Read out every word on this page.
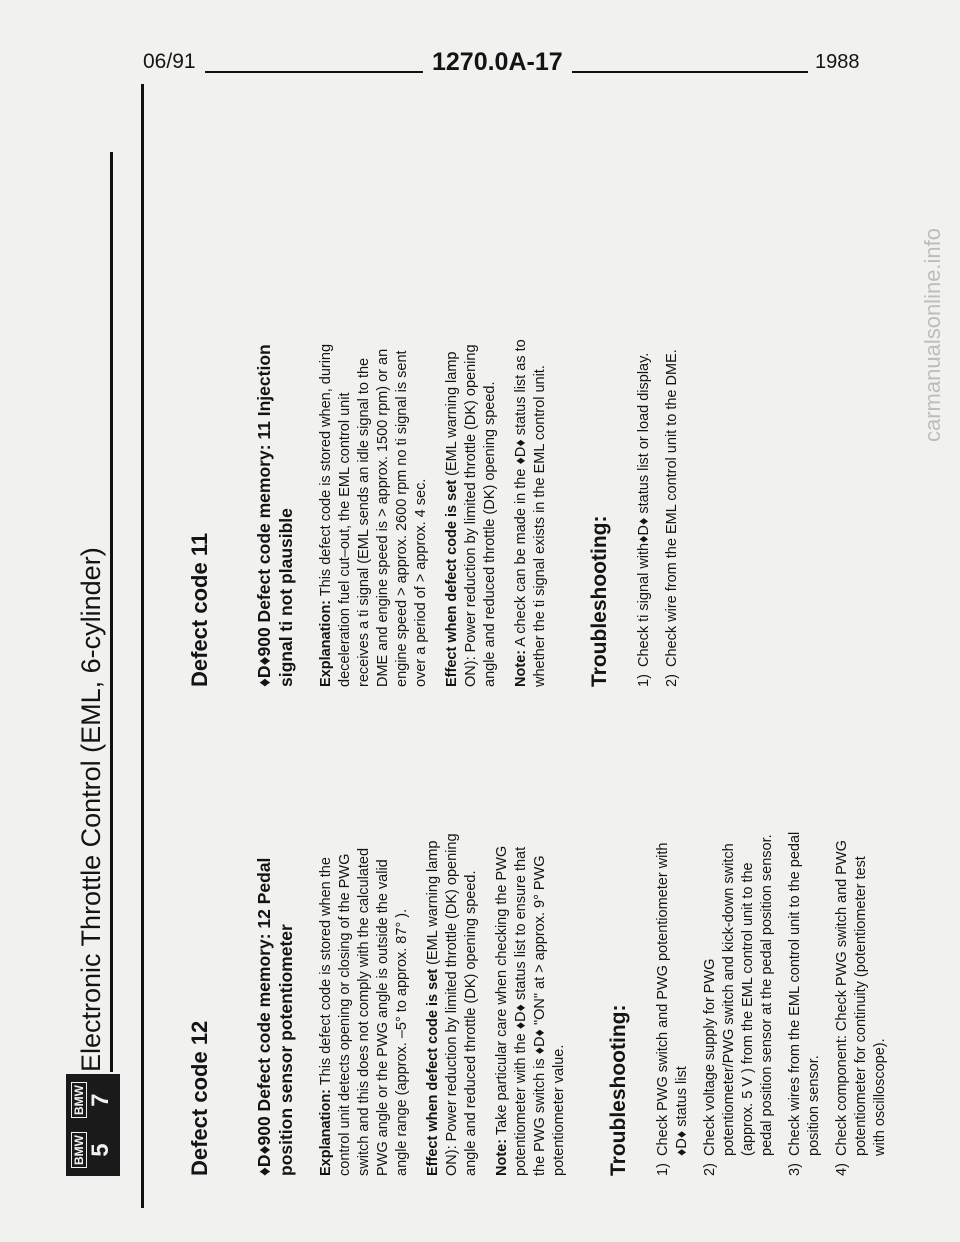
06/91	1270.0A-17	1988
BMW 5
BMW 7
Electronic Throttle Control (EML, 6-cylinder)
Defect code 12 ♦D♦900 Defect code memory: 12 Pedal position sensor potentiometer Explanation: This defect code is stored when the control unit detects opening or closing of the PWG switch and this does not comply with the calculated PWG angle or the PWG angle is outside the valid angle range (approx. –5° to approx. 87° ). Effect when defect code is set (EML warning lamp ON): Power reduction by limited throttle (DK) opening angle and reduced throttle (DK) opening speed. Note: Take particular care when checking the PWG potentiometer with the ♦D♦ status list to ensure that the PWG switch is ♦D♦ "ON" at > approx. 9° PWG potentiometer value. Troubleshooting: 1)
Check PWG switch and PWG potentiometer with ♦D♦ status list
2)
Check voltage supply for PWG potentiometer/PWG switch and kick-down switch (approx. 5 V ) from the EML control unit to the pedal position sensor at the pedal position sensor.
3)
Check wires from the EML control unit to the pedal position sensor.
4)
Check component: Check PWG switch and PWG potentiometer for continuity (potentiometer test with oscilloscope).
Defect code 11 ♦D♦900 Defect code memory: 11 Injection signal ti not plausible Explanation: This defect code is stored when, during deceleration fuel cut–out, the EML control unit receives a ti signal (EML sends an idle signal to the DME and engine speed is > approx. 1500 rpm) or an engine speed > approx. 2600 rpm no ti signal is sent over a period of > approx. 4 sec. Effect when defect code is set (EML warning lamp ON): Power reduction by limited throttle (DK) opening angle and reduced throttle (DK) opening speed. Note: A check can be made in the ♦D♦ status list as to whether the ti signal exists in the EML control unit. Troubleshooting: 1)
Check ti signal with♦D♦ status list or load display.
2)
Check wire from the EML control unit to the DME.
carmanualsonline.info
